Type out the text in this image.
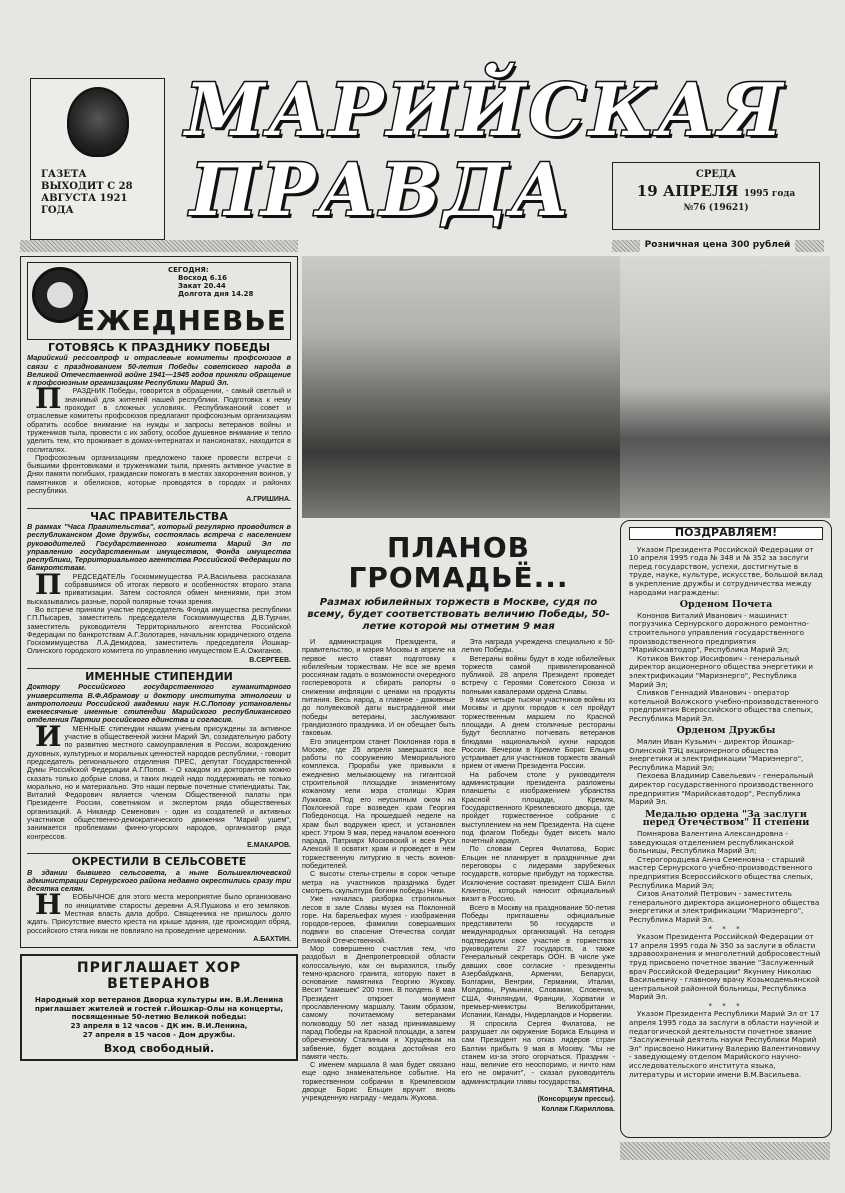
ГАЗЕТА ВЫХОДИТ С 28 АВГУСТА 1921 ГОДА
МАРИЙСКАЯ
ПРАВДА	СРЕДА
19 АПРЕЛЯ 1995 года
№76 (19621)
Розничная цена 300 рублей
ЕЖЕДНЕВЬЕ
СЕГОДНЯ:
Восход 6.16
Закат 20.44
Долгота дня 14.28
ГОТОВЯСЬ К ПРАЗДНИКУ ПОБЕДЫ
Марийский рессовпроф и отраслевые комитеты профсоюзов в связи с празднованием 50-летия Победы советского народа в Великой Отечественной войне 1941—1945 годов приняли обращение к профсоюзным организациям Республики Марий Эл.

ПРАЗДНИК Победы, говорится в обращении, - самый светлый и значимый для жителей нашей республики. Подготовка к нему проходит в сложных условиях. Республиканский совет и отраслевые комитеты профсоюзов предлагают профсоюзным организациям обратить особое внимание на нужды и запросы ветеранов войны и тружеников тыла, провести с их заботу, особое душевное внимание и тепло уделить тем, кто проживает в домах-интернатах и пансионатах, находится в госпиталях.

Профсоюзным организациям предложено также провести встречи с бывшими фронтовиками и тружениками тыла, принять активное участие в Днях памяти погибших, граждански помогать в местах захоронения воинов, у памятников и обелисков, которые проводятся в городах и районах республики.

А.ГРИШИНА.
ЧАС ПРАВИТЕЛЬСТВА
В рамках "Часа Правительства", который регулярно проводится в республиканском Доме дружбы, состоялась встреча с населением руководителей Государственного комитета Марий Эл по управлению государственным имуществом, Фонда имущества республики, Территориального агентства Российской Федерации по банкротствам.

ПРЕДСЕДАТЕЛЬ Госкомимущества Р.А.Васильева рассказала собравшимся об итогах первого и особенностях второго этапа приватизации. Затем состоялся обмен мнениями, при этом высказывались разные, порой полярные точки зрения.

Во встрече приняли участие председатель Фонда имущества республики Г.П.Пысарев, заместитель председателя Госкомимущества Д.В.Турчин, заместитель руководителя Территориального агентства Российской Федерации по банкротствам А.Г.Золотарев, начальник юридического отдела Госкомимущества Л.А.Демидова, заместитель председателя Йошкар-Олинского городского комитета по управлению имуществом Е.А.Ожиганов.

В.СЕРГЕЕВ.
ИМЕННЫЕ СТИПЕНДИИ
Доктору Российского государственного гуманитарного университета В.Ф.Абрамову и доктору института этнологии и антропологии Российской академии наук Н.С.Попову установлены ежемесячные именные стипендии Марийского республиканского отделения Партии российского единства и согласия.

ИМЕННЫЕ стипендии нашим ученым присуждены за активное участие в общественной жизни Марий Эл, созидательную работу по развитию местного самоуправления в России, возрождению духовных, культурных и моральных ценностей народов республики, - говорит председатель регионального отделения ПРЕС, депутат Государственной Думы Российской Федерации А.Г.Попов. - О каждом из докторантов можно сказать только добрые слова, и таких людей надо поддерживать не только морально, но и материально. Это наши первые почетные стипендиаты. Так, Виталий Федорович является членом Общественной палаты при Президенте России, советником и экспертом ряда общественных организаций. А Никандр Семенович - один из создателей и активных участников общественно-демократического движения "Марий ушем", занимается проблемами финно-угорских народов, организатор ряда конгрессов.

Е.МАКАРОВ.
ОКРЕСТИЛИ В СЕЛЬСОВЕТЕ
В здании бывшего сельсовета, а ныне Большеключевской администрации Сернурского района недавно окрестились сразу три десятка селян.

НЕОБЫЧНОЕ для этого места мероприятие было организовано по инициативе старосты деревни А.Я.Пушкова и его земляков. Местная власть дала добро. Священника не пришлось долго ждать. Присутствие вместо креста на крыше здания, где происходил обряд, российского стяга никак не повлияло на проведение церемонии.

А.БАХТИН.
ПРИГЛАШАЕТ ХОР ВЕТЕРАНОВ
Народный хор ветеранов Дворца культуры им. В.И.Ленина приглашает жителей и гостей г.Йошкар-Олы на концерты, посвященные 50-летию Великой победы:
23 апреля в 12 часов - ДК им. В.И.Ленина,
27 апреля в 15 часов - Дом дружбы.
Вход свободный.
ПЛАНОВ
ГРОМАДЬЁ...
Размах юбилейных торжеств в Москве, судя по всему, будет соответствовать величию Победы, 50-летие которой мы отметим 9 мая

И администрация Президента, и правительство, и мэрия Москвы в апреле на первое место ставят подготовку к юбилейным торжествам. Не все же время россиянам гадать о возможности очередного госпереворота и сбирать рапорты о снижении инфляции с ценами на продукты питания. Весь народ, а главное - доживные до полувековой даты выстраданной ими победы ветераны, заслуживают грандиозного праздника. И он обещает быть таковым.

Его эпицентром станет Поклонная гора в Москве, где 25 апреля завершатся все работы по сооружению Мемориального комплекса. Прорабы уже привыкли к ежедневно мелькающему на гигантской строительной площадке знаменитому кожаному кепи мэра столицы Юрия Лужкова. Под его неусыпным оком на Поклонной горе возведен храм Георгия Победоносца. На прошедшей неделе на храм был водружен крест, и установлен крест. Утром 9 мая, перед началом военного парада, Патриарх Московский и всея Руси Алексий II освятит храм и проведет в нем торжественную литургию в честь воинов-победителей.

С высоты стелы-стрелы в сорок четыре метра на участников праздника будет смотреть скульптура богини победы Ники.

Уже началась разборка стропильных лесов в зале Славы музея на Поклонной горе. На барельефах музея - изображения городов-героев, фамилии совершивших подвиги во спасение Отечества солдат Великой Отечественной.

Мор совершенно счастлив тем, что раздобыл в Днепропетровской области колоссальную, как он выразился, глыбу темно-красного гранита, которую пакет в основание памятника Георгию Жукову. Весит "камешек" 200 тонн. В полдень 8 мая Президент откроет монумент прославленному маршалу. Таким образом, самому почитаемому ветеранами полководцу 50 лет назад принимавшему парад Победы на Красной площади, а затем обреченному Сталиным и Хрущевым на забвение, будет воздана достойная его памяти честь.

С именем маршала 8 мая будет связано еще одно знаменательное событие. На торжественном собрании в Кремлевском дворце Борис Ельцин вручит вновь учрежденную награду - медаль Жукова.

Эта награда учреждена специально к 50-летию Победы.

Ветераны войны будут в ходе юбилейных торжеств самой привилегированной публикой. 28 апреля Президент проведет встречу с Героями Советского Союза и полными кавалерами ордена Славы.

9 мая четыре тысячи участников войны из Москвы и других городов к сел пройдут торжественным маршем по Красной площади. А днем столичные рестораны будут бесплатно потчевать ветеранов блюдами национальной кухни народов России. Вечером в Кремле Борис Ельцин устраивает для участников торжеств званый прием от имени Президента России.

На рабочем столе у руководителя администрации президента разложены планшеты с изображением убранства Красной площади, Кремля, Государственного Кремлевского дворца, где пройдет торжественное собрание с выступлением на нем Президента. На сцене под флагом Победы будет висеть мало почетный караул.

По словам Сергея Филатова, Борис Ельцин не планирует в праздничные дни переговоры с лидерами зарубежных государств, которые прибудут на торжества. Исключение составят президент США Билл Клинтон, который наносит официальный визит в Россию.

Всего в Москву на празднование 50-летия Победы приглашены официальные представители 56 государств и международных организаций. На сегодня подтвердили свое участие в торжествах руководители 27 государств, а также Генеральный секретарь ООН. В числе уже давших свое согласие - президенты Азербайджана, Армении, Беларуси, Болгарии, Венгрии, Германии, Италии, Молдовы, Румынии, Словакии, Словении, США, Финляндии, Франции, Хорватии и премьер-министры Великобритании, Испании, Канады, Нидерландов и Норвегии.

Я спросила Сергея Филатова, не разрушает ли окружение Бориса Ельцина и сам Президент на отказ лидеров стран Балтии прибыть 9 мая в Москву. "Мы не станем из-за этого огорчаться. Праздник - наш, величие его неоспоримо, и ничто нам его не омрачит", - сказал руководитель администрации главы государства.

Т.ЗАМЯТИНА.
(Консорциум прессы).
Коллаж Г.Кириллова.
ПОЗДРАВЛЯЕМ!

Указом Президента Российской Федерации от 10 апреля 1995 года № 348 и № 352 за заслуги перед государством, успехи, достигнутые в труде, науке, культуре, искусстве, большой вклад в укрепление дружбы и сотрудничества между народами награждены:

Орденом Почета

Кононов Виталий Иванович - машинист погрузчика Сернурского дорожного ремонтно-строительного управления государственного производственного предприятия "Марийскавтодор", Республика Марий Эл;

Котиков Виктор Иосифович - генеральный директор акционерного общества энергетики и электрификации "Мариэнерго", Республика Марий Эл;

Сливков Геннадий Иванович - оператор котельной Волжского учебно-производственного предприятия Всероссийского общества слепых, Республика Марий Эл.

Орденом Дружбы

Мялин Иван Кузьмич - директор Йошкар-Олинской ТЭЦ акционерного общества энергетики и электрификации "Мариэнерго", Республика Марий Эл;

Пехоева Владимир Савельевич - генеральный директор государственного производственного предприятия "Марийскавтодор", Республика Марий Эл.

Медалью ордена "За заслуги перед Отечеством" II степени

Помнярова Валентина Александровна - заведующая отделением республиканской больницы, Республика Марий Эл;

Стерогородцева Анна Семеновна - старший мастер Сернурского учебно-производственного предприятия Всероссийского общества слепых, Республика Марий Эл;

Сизов Анатолий Петрович - заместитель генерального директора акционерного общества энергетики и электрификации "Мариэнерго", Республика Марий Эл.

* * *

Указом Президента Российской Федерации от 17 апреля 1995 года № 350 за заслуги в области здравоохранения и многолетний добросовестный труд присвоено почетное звание "Заслуженный врач Российской Федерации" Якунину Николаю Васильевичу - главному врачу Козьмодемьянской центральной районной больницы, Республика Марий Эл.

* * *

Указом Президента Республики Марий Эл от 17 апреля 1995 года за заслуги в области научной и педагогической деятельности почетное звание "Заслуженный деятель науки Республики Марий Эл" присвоено Никитину Валерию Валентиновичу - заведующему отделом Марийского научно-исследовательского института языка, литературы и истории имени В.М.Васильева.
